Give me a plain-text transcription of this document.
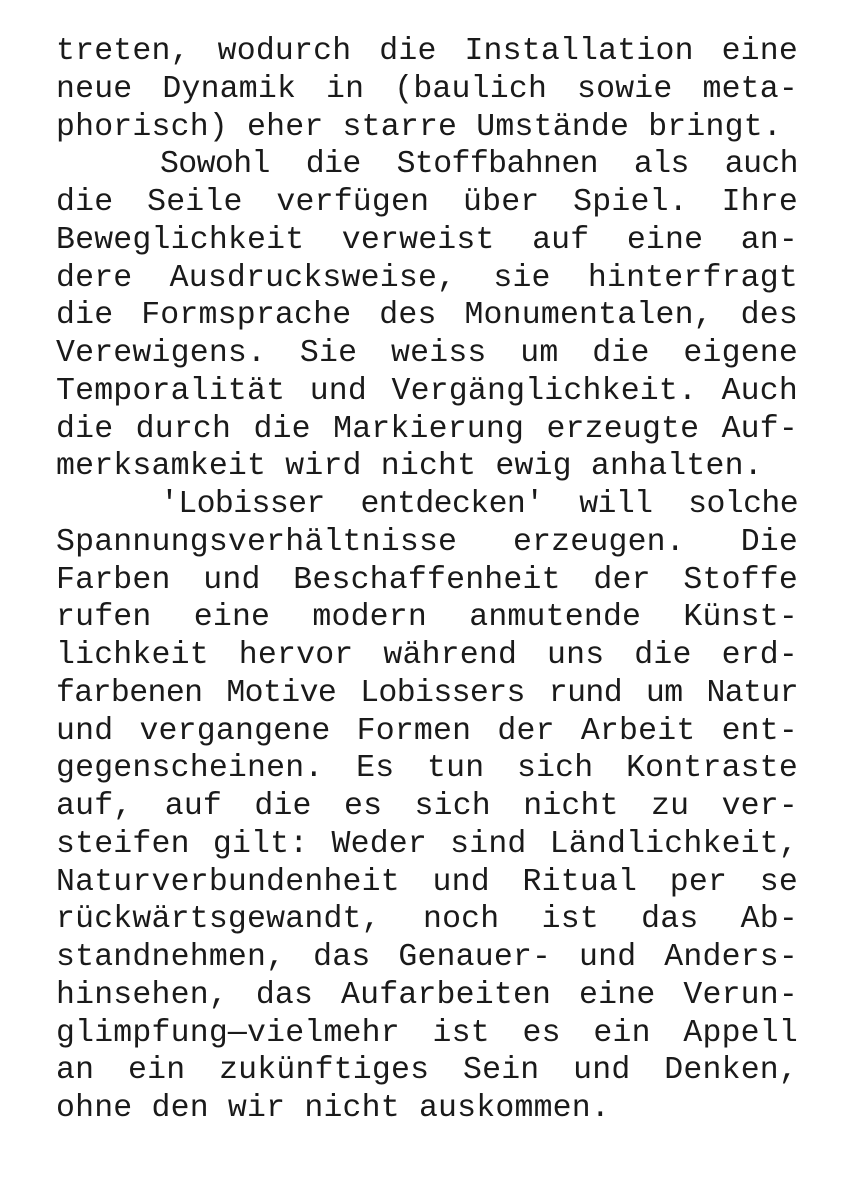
treten, wodurch die Installation eine
neue Dynamik in (baulich sowie meta-
phorisch) eher starre Umstände bringt.
Sowohl die Stoffbahnen als auch
die Seile verfügen über Spiel. Ihre
Beweglichkeit verweist auf eine an-
dere Ausdrucksweise, sie hinterfragt
die Formsprache des Monumentalen, des
Verewigens. Sie weiss um die eigene
Temporalität und Vergänglichkeit. Auch
die durch die Markierung erzeugte Auf-
merksamkeit wird nicht ewig anhalten.
'Lobisser entdecken' will solche
Spannungsverhältnisse erzeugen. Die
Farben und Beschaffenheit der Stoffe
rufen eine modern anmutende Künst-
lichkeit hervor während uns die erd-
farbenen Motive Lobissers rund um Natur
und vergangene Formen der Arbeit ent-
gegenscheinen. Es tun sich Kontraste
auf, auf die es sich nicht zu ver-
steifen gilt: Weder sind Ländlichkeit,
Naturverbundenheit und Ritual per se
rückwärtsgewandt, noch ist das Ab-
standnehmen, das Genauer- und Anders-
hinsehen, das Aufarbeiten eine Verun-
glimpfung—vielmehr ist es ein Appell
an ein zukünftiges Sein und Denken,
ohne den wir nicht auskommen.
